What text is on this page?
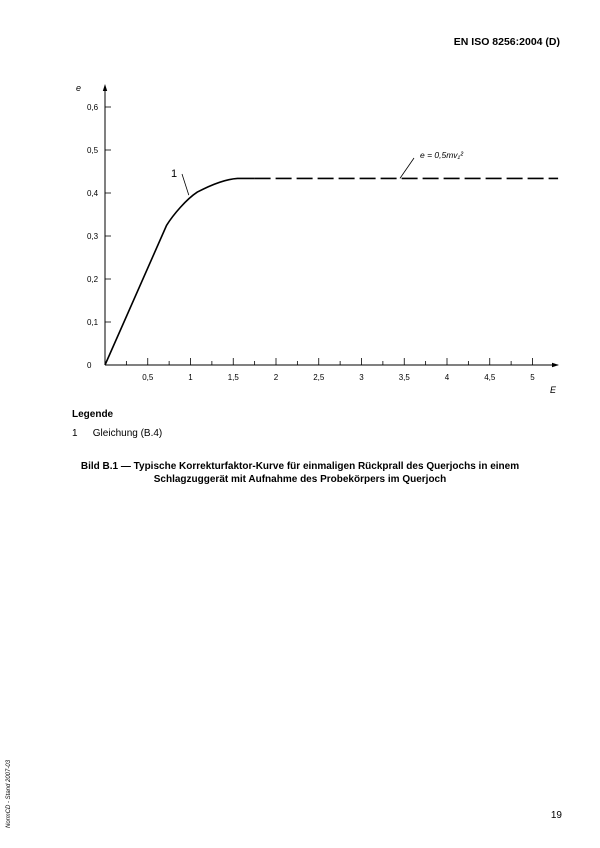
EN ISO 8256:2004 (D)
e
E
0
0,1
0,2
0,3
0,4
0,5
0,6
0,5	1	1,5	2	2,5	3	3,5	4	4,5	5
1
e = 0,5mv₁²
Legende
1 Gleichung (B.4)
Bild B.1 — Typische Korrekturfaktor-Kurve für einmaligen Rückprall des Querjochs in einem Schlagzuggerät mit Aufnahme des Probekörpers im Querjoch
NormCD - Stand 2007-03	19
